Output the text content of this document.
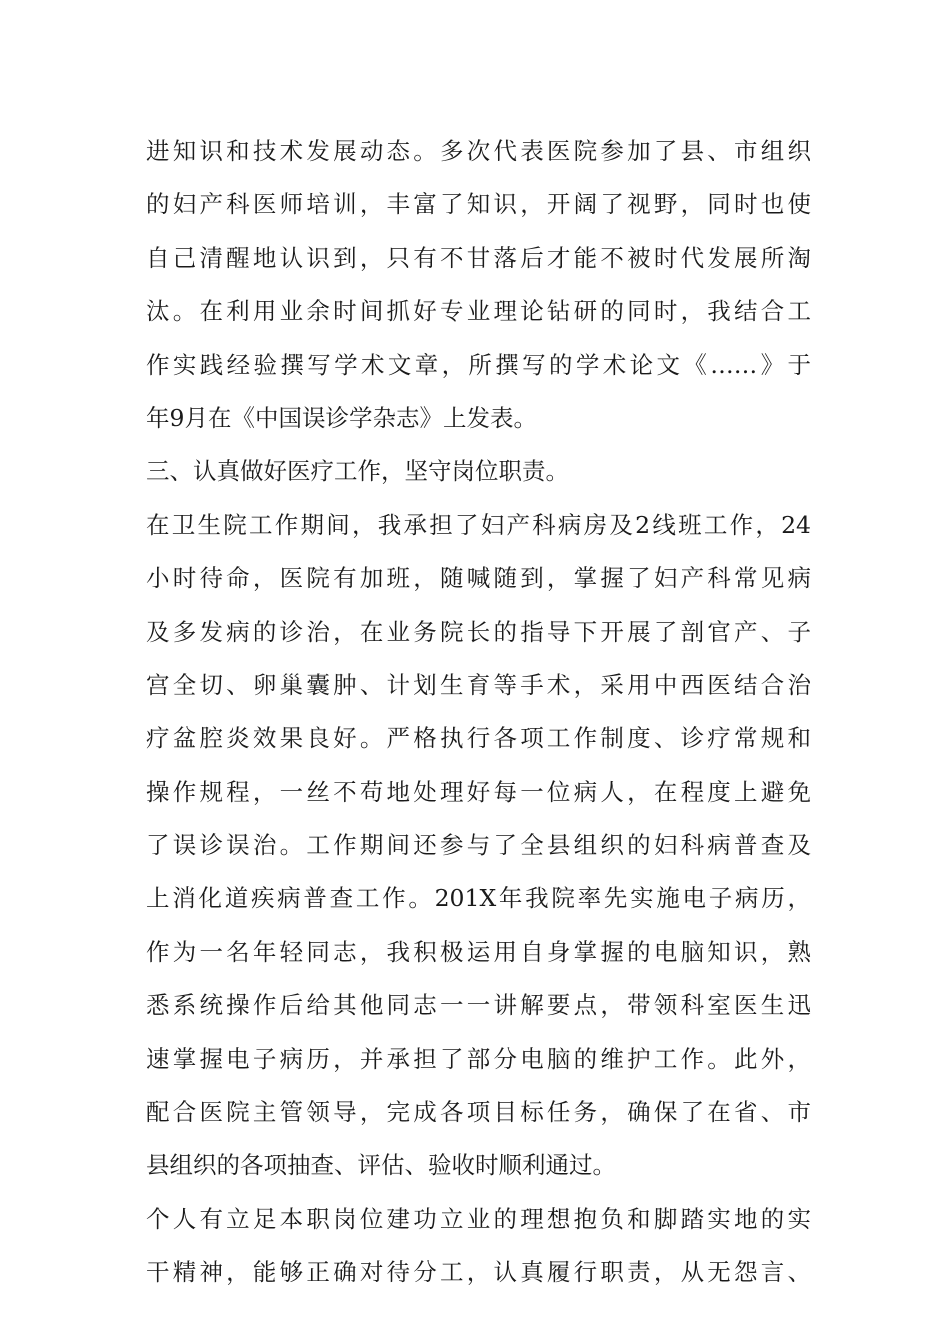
进知识和技术发展动态。多次代表医院参加了县、市组织
的妇产科医师培训，丰富了知识，开阔了视野，同时也使
自己清醒地认识到，只有不甘落后才能不被时代发展所淘
汰。在利用业余时间抓好专业理论钻研的同时，我结合工
作实践经验撰写学术文章，所撰写的学术论文《……》于
年9月在《中国误诊学杂志》上发表。
三、认真做好医疗工作，坚守岗位职责。
在卫生院工作期间，我承担了妇产科病房及2线班工作，24
小时待命，医院有加班，随喊随到，掌握了妇产科常见病
及多发病的诊治，在业务院长的指导下开展了剖官产、子
宫全切、卵巢囊肿、计划生育等手术，采用中西医结合治
疗盆腔炎效果良好。严格执行各项工作制度、诊疗常规和
操作规程，一丝不苟地处理好每一位病人，在程度上避免
了误诊误治。工作期间还参与了全县组织的妇科病普查及
上消化道疾病普查工作。201X年我院率先实施电子病历，
作为一名年轻同志，我积极运用自身掌握的电脑知识，熟
悉系统操作后给其他同志一一讲解要点，带领科室医生迅
速掌握电子病历，并承担了部分电脑的维护工作。此外，
配合医院主管领导，完成各项目标任务，确保了在省、市
县组织的各项抽查、评估、验收时顺利通过。
个人有立足本职岗位建功立业的理想抱负和脚踏实地的实
干精神，能够正确对待分工，认真履行职责，从无怨言、
